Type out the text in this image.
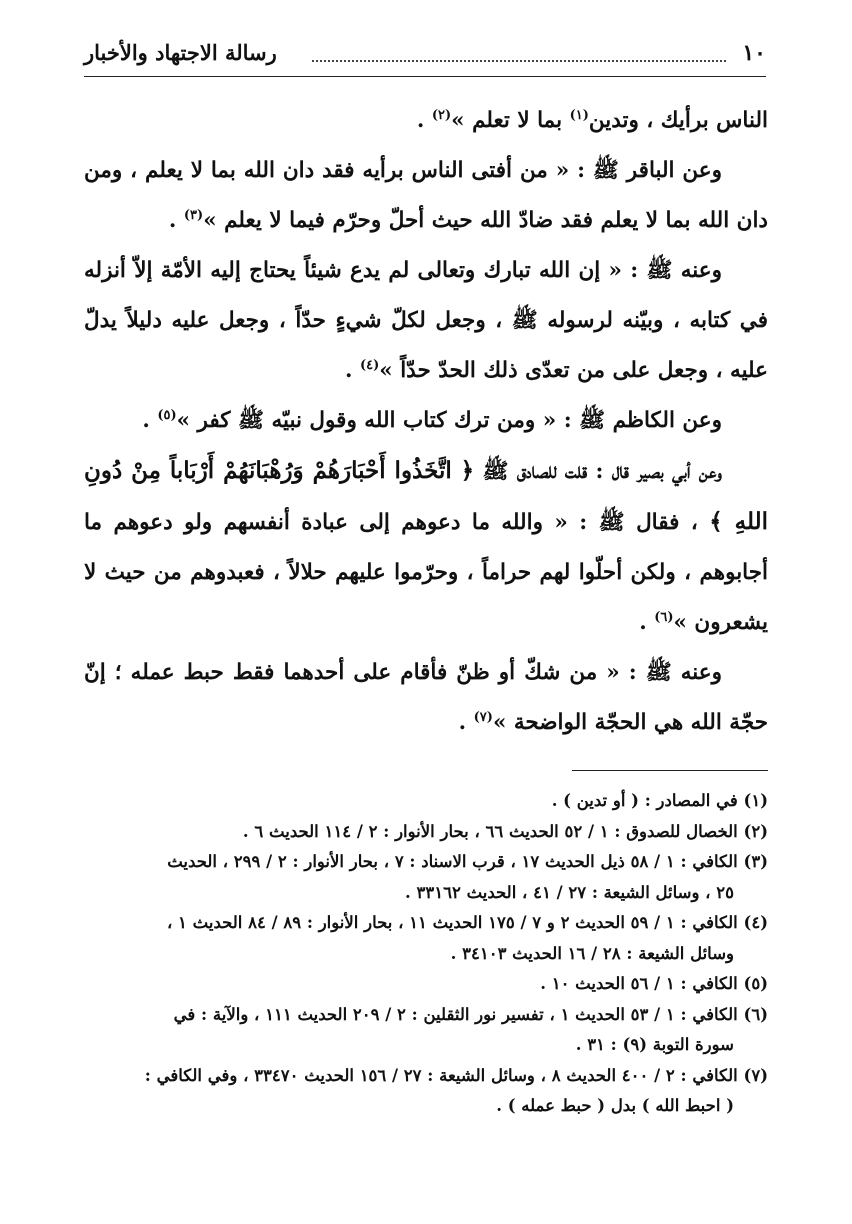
١٠
رسالة الاجتهاد والأخبار

الناس برأيك ، وتدين$^{(١)}$ بما لا تعلم »$^{(٢)}$ .

وعن الباقر ﷺ : « من أفتى الناس برأيه فقد دان الله بما لا يعلم ، ومن دان الله بما لا يعلم فقد ضادّ الله حيث أحلّ وحرّم فيما لا يعلم »$^{(٣)}$ .

وعنه ﷺ : « إن الله تبارك وتعالى لم يدع شيئاً يحتاج إليه الأمّة إلاّ أنزله في كتابه ، وبيّنه لرسوله ﷺ ، وجعل لكلّ شيءٍ حدّاً ، وجعل عليه دليلاً يدلّ عليه ، وجعل على من تعدّى ذلك الحدّ حدّاً »$^{(٤)}$ .

وعن الكاظم ﷺ : « ومن ترك كتاب الله وقول نبيّه ﷺ كفر »$^{(٥)}$ .

وعن أبي بصير قال : قلت للصادق ﷺ ﴿ اتَّخَذُوا أَحْبَارَهُمْ وَرُهْبَانَهُمْ أَرْبَاباً مِنْ دُونِ اللهِ ﴾ ، فقال ﷺ : « والله ما دعوهم إلى عبادة أنفسهم ولو دعوهم ما أجابوهم ، ولكن أحلّوا لهم حراماً ، وحرّموا عليهم حلالاً ، فعبدوهم من حيث لا يشعرون »$^{(٦)}$ .

وعنه ﷺ : « من شكّ أو ظنّ فأقام على أحدهما فقط حبط عمله ؛ إنّ حجّة الله هي الحجّة الواضحة »$^{(٧)}$ .

(١) في المصادر : ( أو تدين ) .

(٢) الخصال للصدوق : ١ / ٥٢ الحديث ٦٦ ، بحار الأنوار : ٢ / ١١٤ الحديث ٦ .

(٣) الكافي : ١ / ٥٨ ذيل الحديث ١٧ ، قرب الاسناد : ٧ ، بحار الأنوار : ٢ / ٢٩٩ ، الحديث

٢٥ ، وسائل الشيعة : ٢٧ / ٤١ ، الحديث ٣٣١٦٢ .

(٤) الكافي : ١ / ٥٩ الحديث ٢ و ٧ / ١٧٥ الحديث ١١ ، بحار الأنوار : ٨٩ / ٨٤ الحديث ١ ،

وسائل الشيعة : ٢٨ / ١٦ الحديث ٣٤١٠٣ .

(٥) الكافي : ١ / ٥٦ الحديث ١٠ .

(٦) الكافي : ١ / ٥٣ الحديث ١ ، تفسير نور الثقلين : ٢ / ٢٠٩ الحديث ١١١ ، والآية : في

سورة التوبة (٩) : ٣١ .

(٧) الكافي : ٢ / ٤٠٠ الحديث ٨ ، وسائل الشيعة : ٢٧ / ١٥٦ الحديث ٣٣٤٧٠ ، وفي الكافي :

( احبط الله ) بدل ( حبط عمله ) .
